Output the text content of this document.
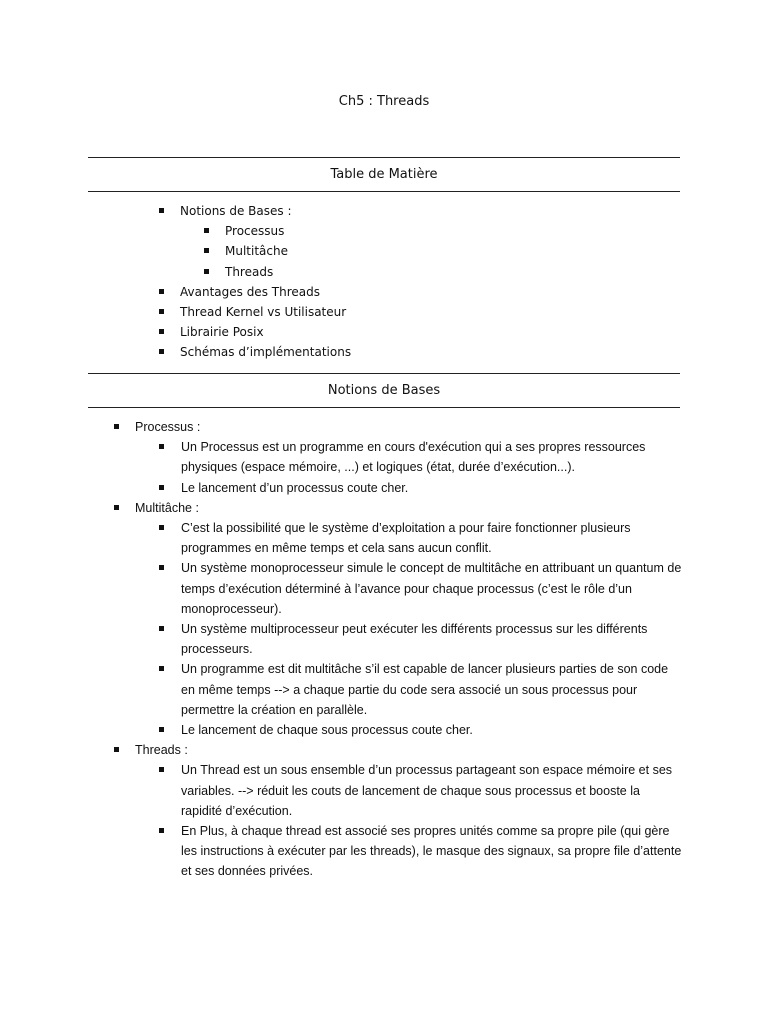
Ch5 : Threads
Table de Matière
Notions de Bases :
Processus
Multitâche
Threads
Avantages des Threads
Thread Kernel vs Utilisateur
Librairie Posix
Schémas d’implémentations
Notions de Bases
Processus :
Un Processus est un programme en cours d'exécution qui a ses propres ressources physiques (espace mémoire, ...) et logiques (état, durée d’exécution...).
Le lancement d’un processus coute cher.
Multitâche :
C’est la possibilité que le système d’exploitation a pour faire fonctionner plusieurs programmes en même temps et cela sans aucun conflit.
Un système monoprocesseur simule le concept de multitâche en attribuant un quantum de temps d’exécution déterminé à l’avance pour chaque processus (c’est le rôle d’un monoprocesseur).
Un système multiprocesseur peut exécuter les différents processus sur les différents processeurs.
Un programme est dit multitâche s’il est capable de lancer plusieurs parties de son code en même temps --> a chaque partie du code sera associé un sous processus pour permettre la création en parallèle.
Le lancement de chaque sous processus coute cher.
Threads :
Un Thread est un sous ensemble d’un processus partageant son espace mémoire et ses variables. --> réduit les couts de lancement de chaque sous processus et booste la rapidité d’exécution.
En Plus, à chaque thread est associé ses propres unités comme sa propre pile (qui gère les instructions à exécuter par les threads), le masque des signaux, sa propre file d’attente et ses données privées.
